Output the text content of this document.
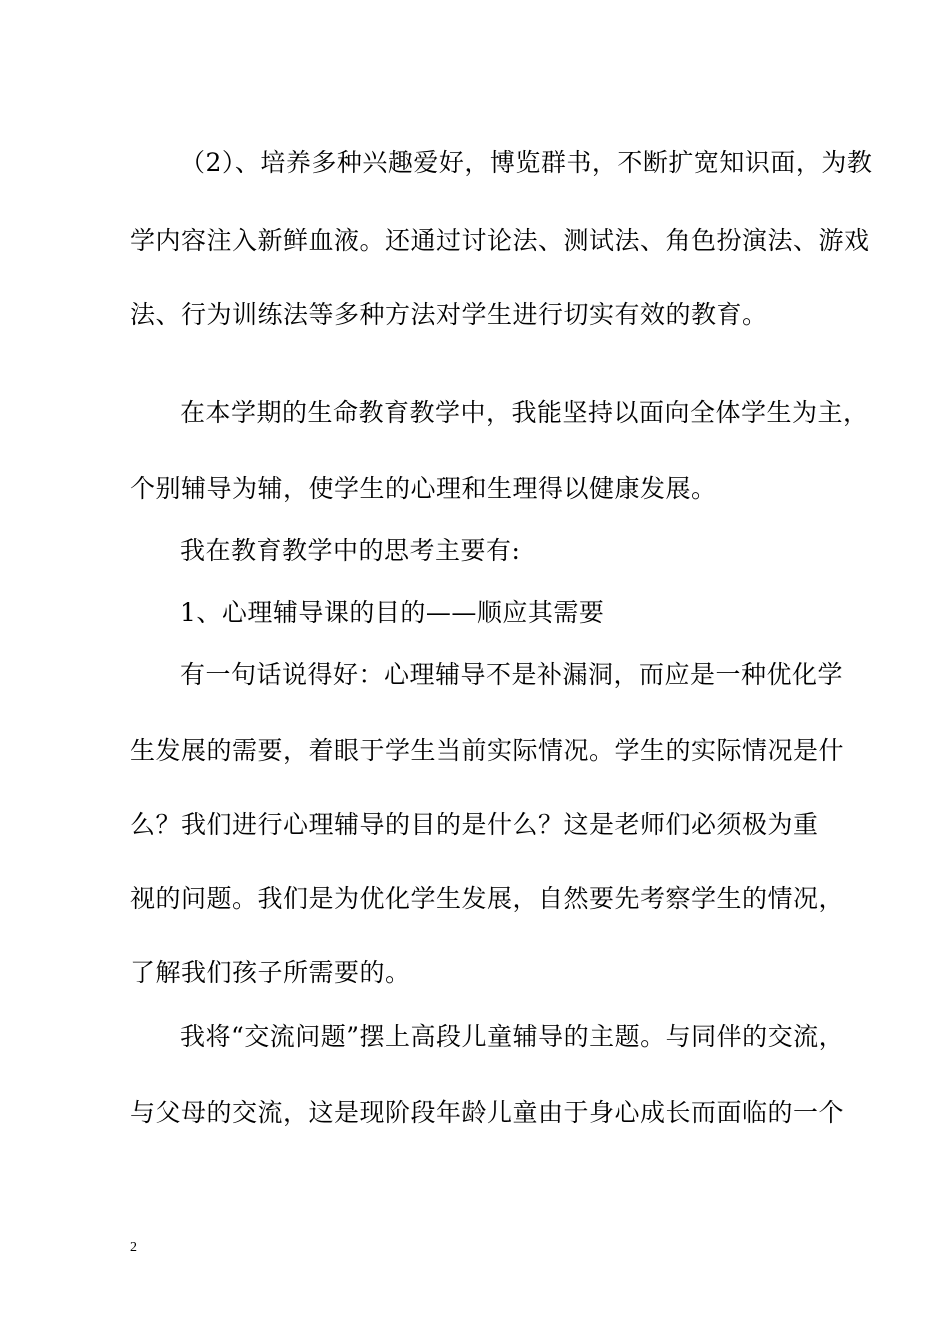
（2）、培养多种兴趣爱好，博览群书，不断扩宽知识面，为教
学内容注入新鲜血液。还通过讨论法、测试法、角色扮演法、游戏
法、行为训练法等多种方法对学生进行切实有效的教育。
在本学期的生命教育教学中，我能坚持以面向全体学生为主，
个别辅导为辅，使学生的心理和生理得以健康发展。
我在教育教学中的思考主要有:
1、心理辅导课的目的——顺应其需要
有一句话说得好：心理辅导不是补漏洞，而应是一种优化学
生发展的需要，着眼于学生当前实际情况。学生的实际情况是什
么？我们进行心理辅导的目的是什么？这是老师们必须极为重
视的问题。我们是为优化学生发展，自然要先考察学生的情况，
了解我们孩子所需要的。
我将“交流问题”摆上高段儿童辅导的主题。与同伴的交流，
与父母的交流，这是现阶段年龄儿童由于身心成长而面临的一个
2
